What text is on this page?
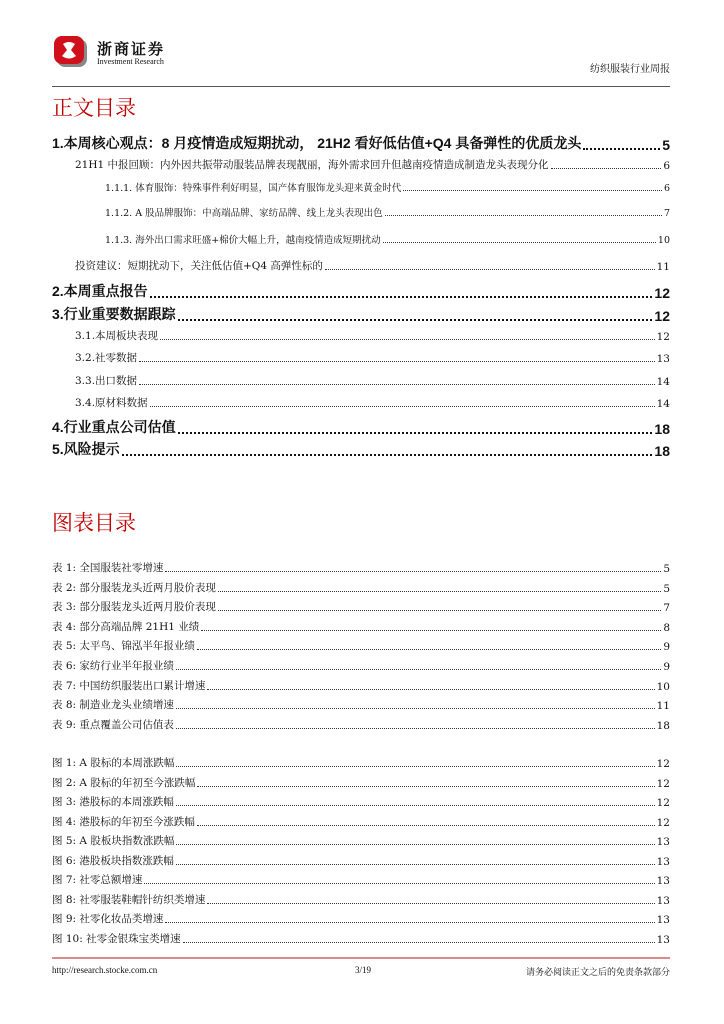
浙商证券
Investment Research
纺织服装行业周报
正文目录
1.本周核心观点：8 月疫情造成短期扰动， 21H2 看好低估值+Q4 具备弹性的优质龙头	5
21H1 中报回顾：内外因共振带动服装品牌表现靓丽，海外需求回升但越南疫情造成制造龙头表现分化	6
1.1.1. 体育服饰：特殊事件利好明显，国产体育服饰龙头迎来黄金时代	6
1.1.2. A 股品牌服饰：中高端品牌、家纺品牌、线上龙头表现出色	7
1.1.3. 海外出口需求旺盛+棉价大幅上升，越南疫情造成短期扰动	10
投资建议：短期扰动下，关注低估值+Q4 高弹性标的	11
2.本周重点报告	12
3.行业重要数据跟踪	12
3.1.本周板块表现	12
3.2.社零数据	13
3.3.出口数据	14
3.4.原材料数据	14
4.行业重点公司估值	18
5.风险提示	18
图表目录
表 1: 全国服装社零增速	5
表 2: 部分服装龙头近两月股价表现	5
表 3: 部分服装龙头近两月股价表现	7
表 4: 部分高端品牌 21H1 业绩	8
表 5: 太平鸟、锦泓半年报业绩	9
表 6: 家纺行业半年报业绩	9
表 7: 中国纺织服装出口累计增速	10
表 8: 制造业龙头业绩增速	11
表 9: 重点覆盖公司估值表	18
图 1: A 股标的本周涨跌幅	12
图 2: A 股标的年初至今涨跌幅	12
图 3: 港股标的本周涨跌幅	12
图 4: 港股标的年初至今涨跌幅	12
图 5: A 股板块指数涨跌幅	13
图 6: 港股板块指数涨跌幅	13
图 7: 社零总额增速	13
图 8: 社零服装鞋帽针纺织类增速	13
图 9: 社零化妆品类增速	13
图 10: 社零金银珠宝类增速	13
http://research.stocke.com.cn	3/19	请务必阅读正文之后的免责条款部分
